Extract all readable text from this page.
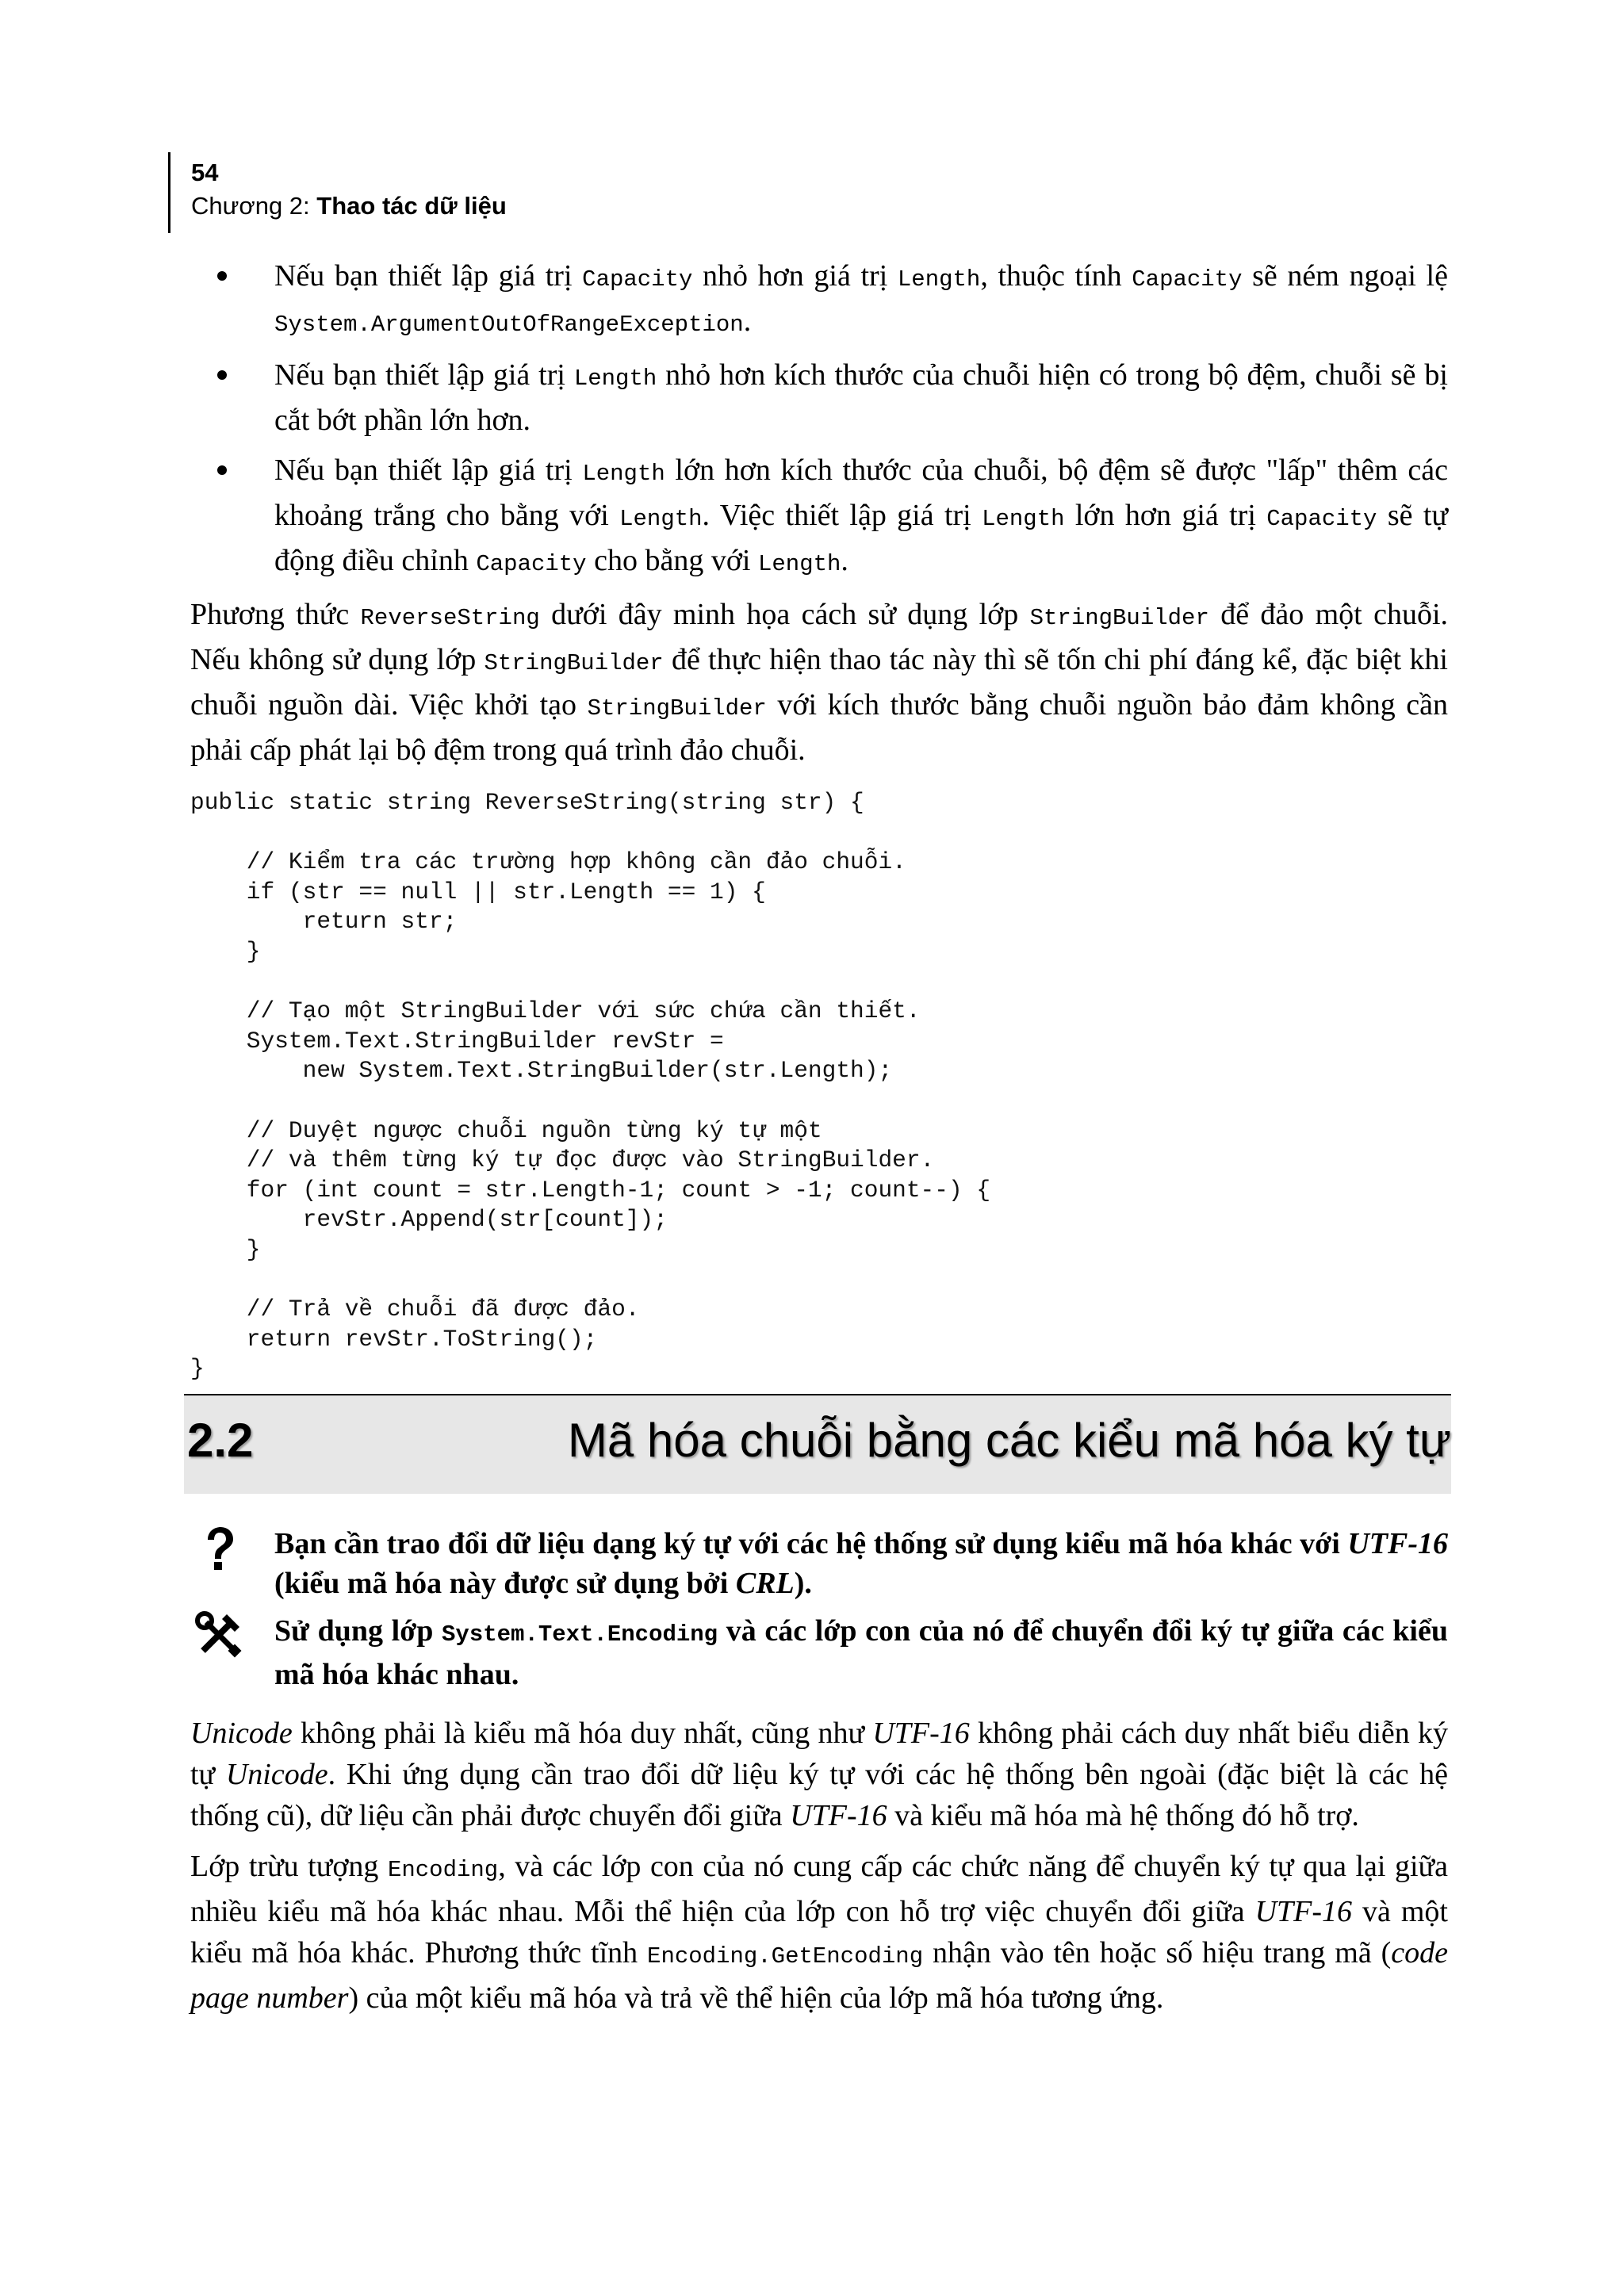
54
Chương 2: Thao tác dữ liệu
Nếu bạn thiết lập giá trị Capacity nhỏ hơn giá trị Length, thuộc tính Capacity sẽ ném ngoại lệ System.ArgumentOutOfRangeException.
Nếu bạn thiết lập giá trị Length nhỏ hơn kích thước của chuỗi hiện có trong bộ đệm, chuỗi sẽ bị cắt bớt phần lớn hơn.
Nếu bạn thiết lập giá trị Length lớn hơn kích thước của chuỗi, bộ đệm sẽ được "lấp" thêm các khoảng trắng cho bằng với Length. Việc thiết lập giá trị Length lớn hơn giá trị Capacity sẽ tự động điều chỉnh Capacity cho bằng với Length.

Phương thức ReverseString dưới đây minh họa cách sử dụng lớp StringBuilder để đảo một chuỗi. Nếu không sử dụng lớp StringBuilder để thực hiện thao tác này thì sẽ tốn chi phí đáng kể, đặc biệt khi chuỗi nguồn dài. Việc khởi tạo StringBuilder với kích thước bằng chuỗi nguồn bảo đảm không cần phải cấp phát lại bộ đệm trong quá trình đảo chuỗi.

public static string ReverseString(string str) {

// Kiểm tra các trường hợp không cần đảo chuỗi.
if (str == null || str.Length == 1) {
return str;
}

// Tạo một StringBuilder với sức chứa cần thiết.
System.Text.StringBuilder revStr =
new System.Text.StringBuilder(str.Length);

// Duyệt ngược chuỗi nguồn từng ký tự một
// và thêm từng ký tự đọc được vào StringBuilder.
for (int count = str.Length-1; count > -1; count--) {
revStr.Append(str[count]);
}

// Trả về chuỗi đã được đảo.
return revStr.ToString();
}
2.2	Mã hóa chuỗi bằng các kiểu mã hóa ký tự
Bạn cần trao đổi dữ liệu dạng ký tự với các hệ thống sử dụng kiểu mã hóa khác với UTF-16 (kiểu mã hóa này được sử dụng bởi CRL).
Sử dụng lớp System.Text.Encoding và các lớp con của nó để chuyển đổi ký tự giữa các kiểu mã hóa khác nhau.

Unicode không phải là kiểu mã hóa duy nhất, cũng như UTF-16 không phải cách duy nhất biểu diễn ký tự Unicode. Khi ứng dụng cần trao đổi dữ liệu ký tự với các hệ thống bên ngoài (đặc biệt là các hệ thống cũ), dữ liệu cần phải được chuyển đổi giữa UTF-16 và kiểu mã hóa mà hệ thống đó hỗ trợ.

Lớp trừu tượng Encoding, và các lớp con của nó cung cấp các chức năng để chuyển ký tự qua lại giữa nhiều kiểu mã hóa khác nhau. Mỗi thể hiện của lớp con hỗ trợ việc chuyển đổi giữa UTF-16 và một kiểu mã hóa khác. Phương thức tĩnh Encoding.GetEncoding nhận vào tên hoặc số hiệu trang mã (code page number) của một kiểu mã hóa và trả về thể hiện của lớp mã hóa tương ứng.
